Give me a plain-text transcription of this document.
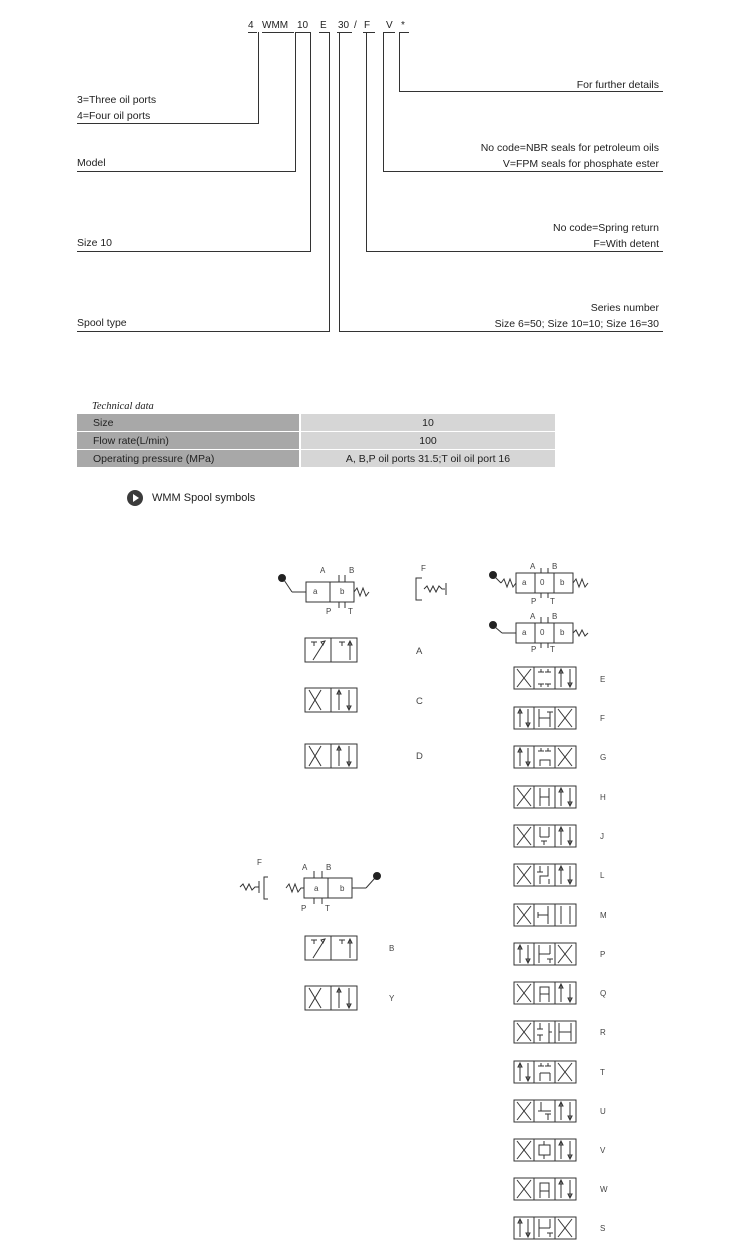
4 WMM 10 E 30 / F V *
3=Three oil ports
4=Four oil ports
Model
Size 10
Spool type
For further details
No code=NBR seals for petroleum oils
V=FPM seals for phosphate ester
No code=Spring return
F=With detent
Series number
Size 6=50; Size 10=10; Size 16=30
Technical data
Size	10
Flow rate(L/min)	100
Operating pressure (MPa)	A, B,P oil ports 31.5;T oil oil port 16
WMM Spool symbols
A	B
a	b
P T
F
a 0 b
A B
P T
a 0 b
A B
P T
A
C
D
F
A B
a	b
P T
B
Y
E
F
G
H
J
L
M
P
Q
R
T
U
V
W
S
